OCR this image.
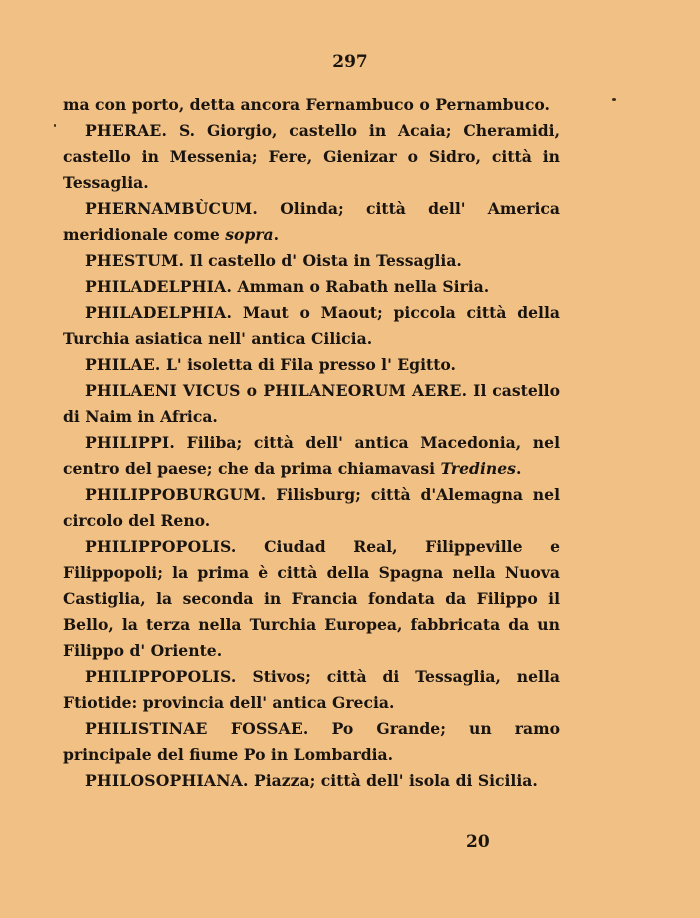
297

ma con porto, detta ancora Fernambuco o Pernambuco.

PHERAE. S. Giorgio, castello in Acaia; Cheramidi, castello in Messenia; Fere, Gienizar o Sidro, città in Tessaglia.

PHERNAMBÙCUM. Olinda; città dell' America meridionale come sopra.

PHESTUM. Il castello d' Oista in Tessaglia.

PHILADELPHIA. Amman o Rabath nella Siria.

PHILADELPHIA. Maut o Maout; piccola città della Turchia asiatica nell' antica Cilicia.

PHILAE. L' isoletta di Fila presso l' Egitto.

PHILAENI VICUS o PHILANEORUM AERE. Il castello di Naim in Africa.

PHILIPPI. Filiba; città dell' antica Macedonia, nel centro del paese; che da prima chiamavasi Tredines.

PHILIPPOBURGUM. Filisburg; città d'Alemagna nel circolo del Reno.

PHILIPPOPOLIS. Ciudad Real, Filippeville e Filippopoli; la prima è città della Spagna nella Nuova Castiglia, la seconda in Francia fondata da Filippo il Bello, la terza nella Turchia Europea, fabbricata da un Filippo d' Oriente.

PHILIPPOPOLIS. Stivos; città di Tessaglia, nella Ftiotide: provincia dell' antica Grecia.

PHILISTINAE FOSSAE. Po Grande; un ramo principale del fiume Po in Lombardia.

PHILOSOPHIANA. Piazza; città dell' isola di Sicilia.

20
